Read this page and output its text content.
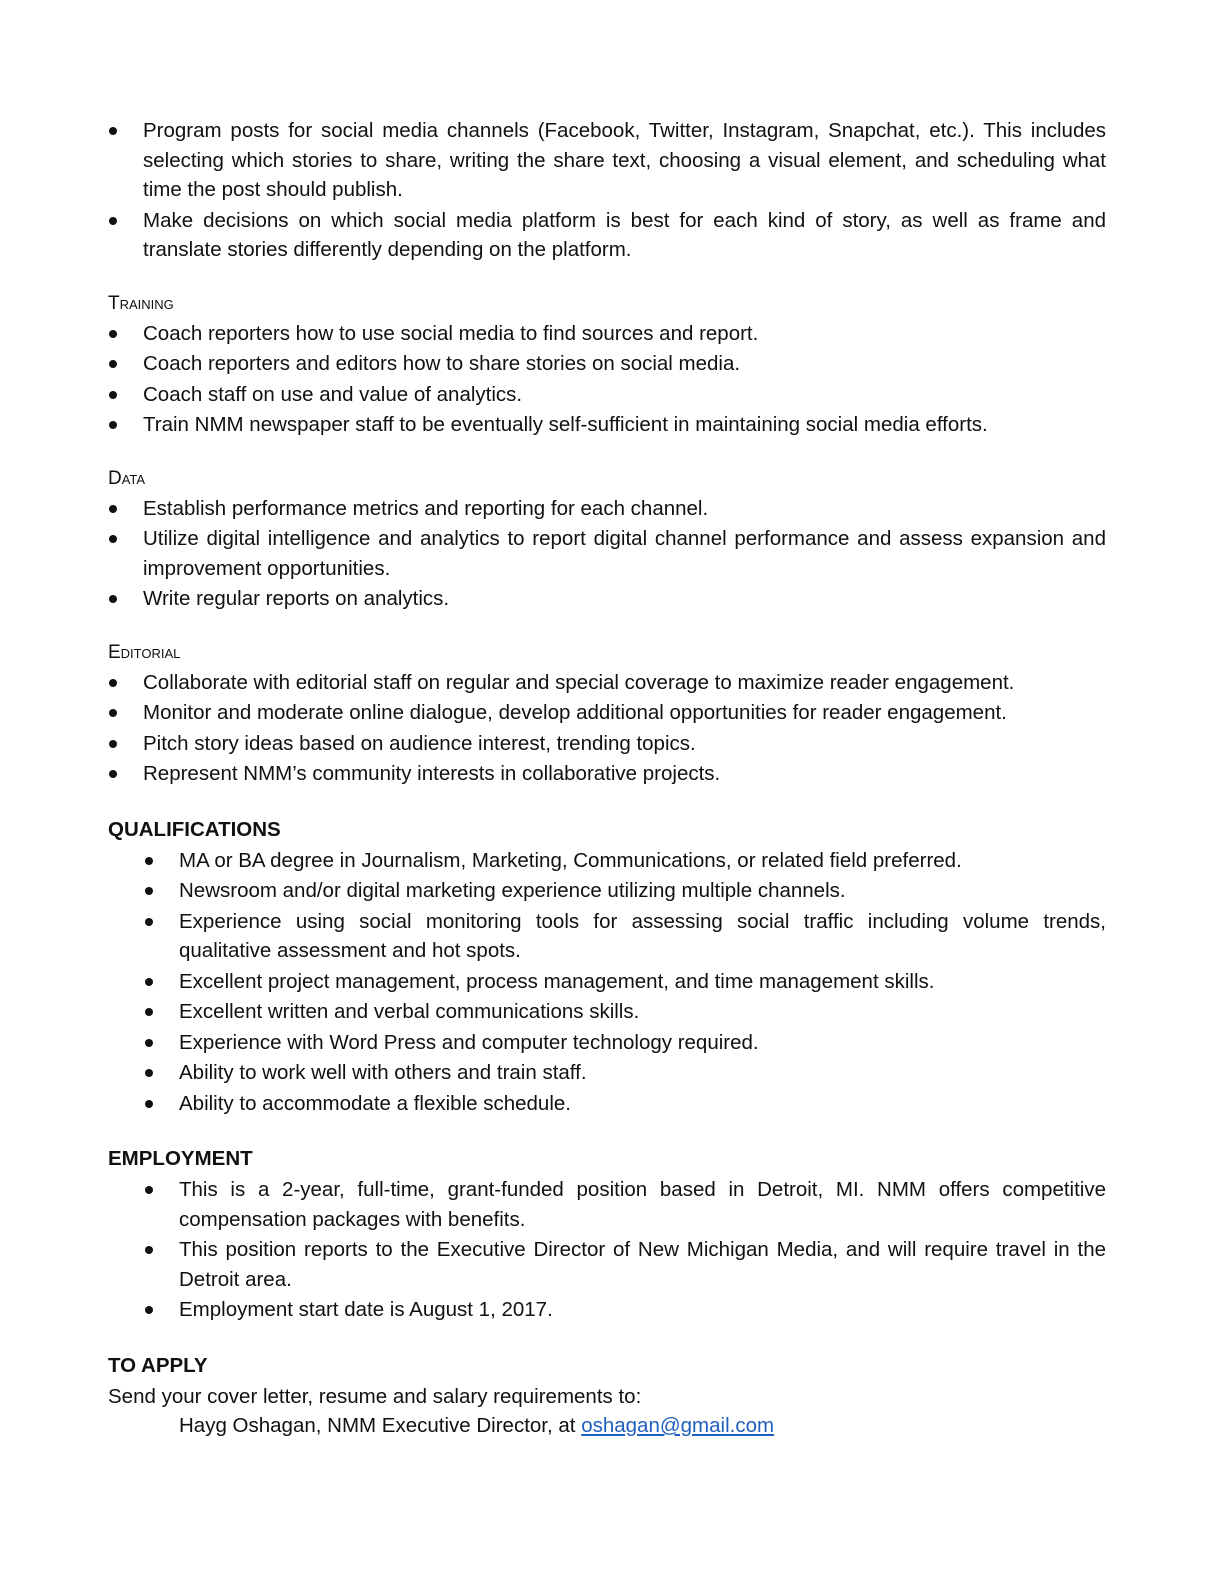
Program posts for social media channels (Facebook, Twitter, Instagram, Snapchat, etc.). This includes selecting which stories to share, writing the share text, choosing a visual element, and scheduling what time the post should publish.
Make decisions on which social media platform is best for each kind of story, as well as frame and translate stories differently depending on the platform.
Training
Coach reporters how to use social media to find sources and report.
Coach reporters and editors how to share stories on social media.
Coach staff on use and value of analytics.
Train NMM newspaper staff to be eventually self-sufficient in maintaining social media efforts.
Data
Establish performance metrics and reporting for each channel.
Utilize digital intelligence and analytics to report digital channel performance and assess expansion and improvement opportunities.
Write regular reports on analytics.
Editorial
Collaborate with editorial staff on regular and special coverage to maximize reader engagement.
Monitor and moderate online dialogue, develop additional opportunities for reader engagement.
Pitch story ideas based on audience interest, trending topics.
Represent NMM’s community interests in collaborative projects.
QUALIFICATIONS
MA or BA degree in Journalism, Marketing, Communications, or related field preferred.
Newsroom and/or digital marketing experience utilizing multiple channels.
Experience using social monitoring tools for assessing social traffic including volume trends, qualitative assessment and hot spots.
Excellent project management, process management, and time management skills.
Excellent written and verbal communications skills.
Experience with Word Press and computer technology required.
Ability to work well with others and train staff.
Ability to accommodate a flexible schedule.
EMPLOYMENT
This is a 2-year, full-time, grant-funded position based in Detroit, MI. NMM offers competitive compensation packages with benefits.
This position reports to the Executive Director of New Michigan Media, and will require travel in the Detroit area.
Employment start date is August 1, 2017.
TO APPLY
Send your cover letter, resume and salary requirements to:
Hayg Oshagan, NMM Executive Director, at oshagan@gmail.com
